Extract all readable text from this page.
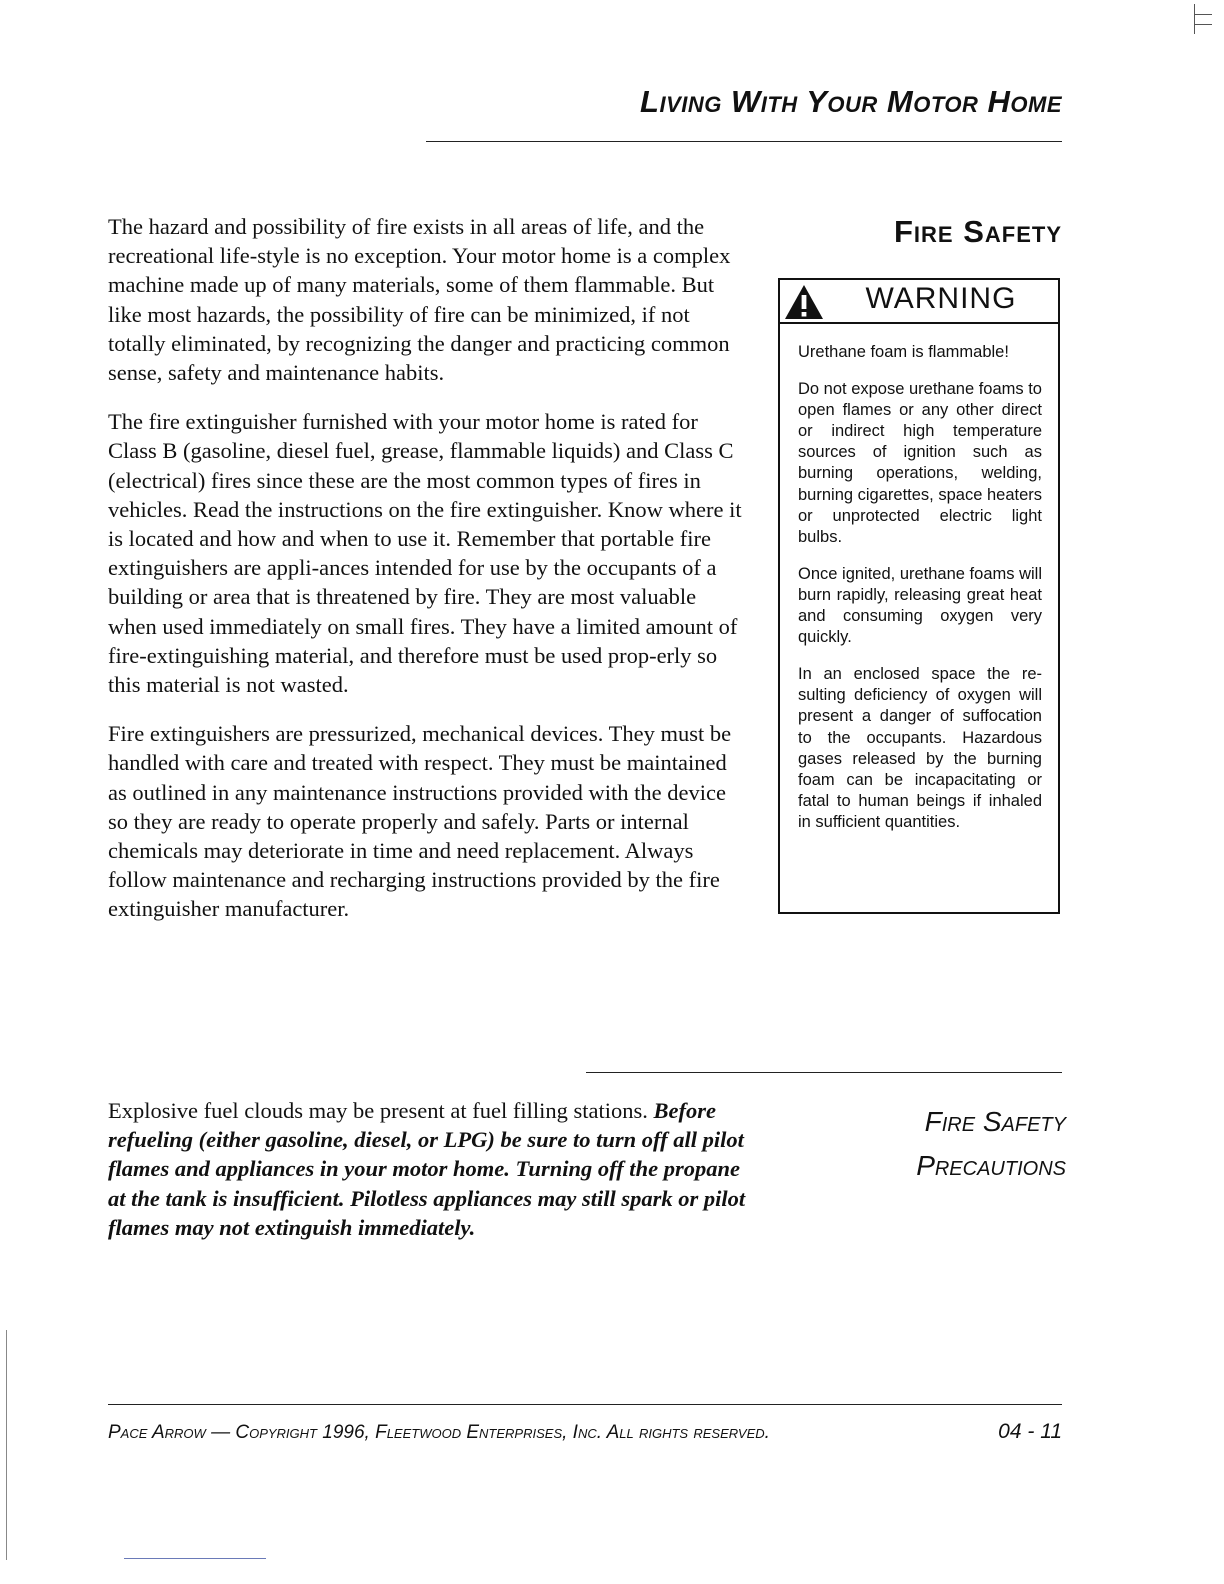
Living With Your Motor Home

The hazard and possibility of fire exists in all areas of life, and the recreational life-style is no exception. Your motor home is a complex machine made up of many materials, some of them flammable. But like most hazards, the possibility of fire can be minimized, if not totally eliminated, by recognizing the danger and practicing common sense, safety and maintenance habits.

The fire extinguisher furnished with your motor home is rated for Class B (gasoline, diesel fuel, grease, flammable liquids) and Class C (electrical) fires since these are the most common types of fires in vehicles. Read the instructions on the fire extinguisher. Know where it is located and how and when to use it. Remember that portable fire extinguishers are appli-ances intended for use by the occupants of a building or area that is threatened by fire. They are most valuable when used immediately on small fires. They have a limited amount of fire-extinguishing material, and therefore must be used prop-erly so this material is not wasted.

Fire extinguishers are pressurized, mechanical devices. They must be handled with care and treated with respect. They must be maintained as outlined in any maintenance instructions provided with the device so they are ready to operate properly and safely. Parts or internal chemicals may deteriorate in time and need replacement. Always follow maintenance and recharging instructions provided by the fire extinguisher manufacturer.

Fire Safety
WARNING

Urethane foam is flammable!

Do not expose urethane foams to open flames or any other direct or indirect high temperature sources of ignition such as burning operations, welding, burning cigarettes, space heaters or unprotected electric light bulbs.

Once ignited, urethane foams will burn rapidly, releasing great heat and consuming oxygen very quickly.

In an enclosed space the re-sulting deficiency of oxygen will present a danger of suffocation to the occupants. Hazardous gases released by the burning foam can be incapacitating or fatal to human beings if inhaled in sufficient quantities.

Explosive fuel clouds may be present at fuel filling stations. Before refueling (either gasoline, diesel, or LPG) be sure to turn off all pilot flames and appliances in your motor home. Turning off the propane at the tank is insufficient. Pilotless appliances may still spark or pilot flames may not extinguish immediately.
Fire Safety
Precautions
Pace Arrow — Copyright 1996, Fleetwood Enterprises, Inc. All rights reserved.	04 - 11
